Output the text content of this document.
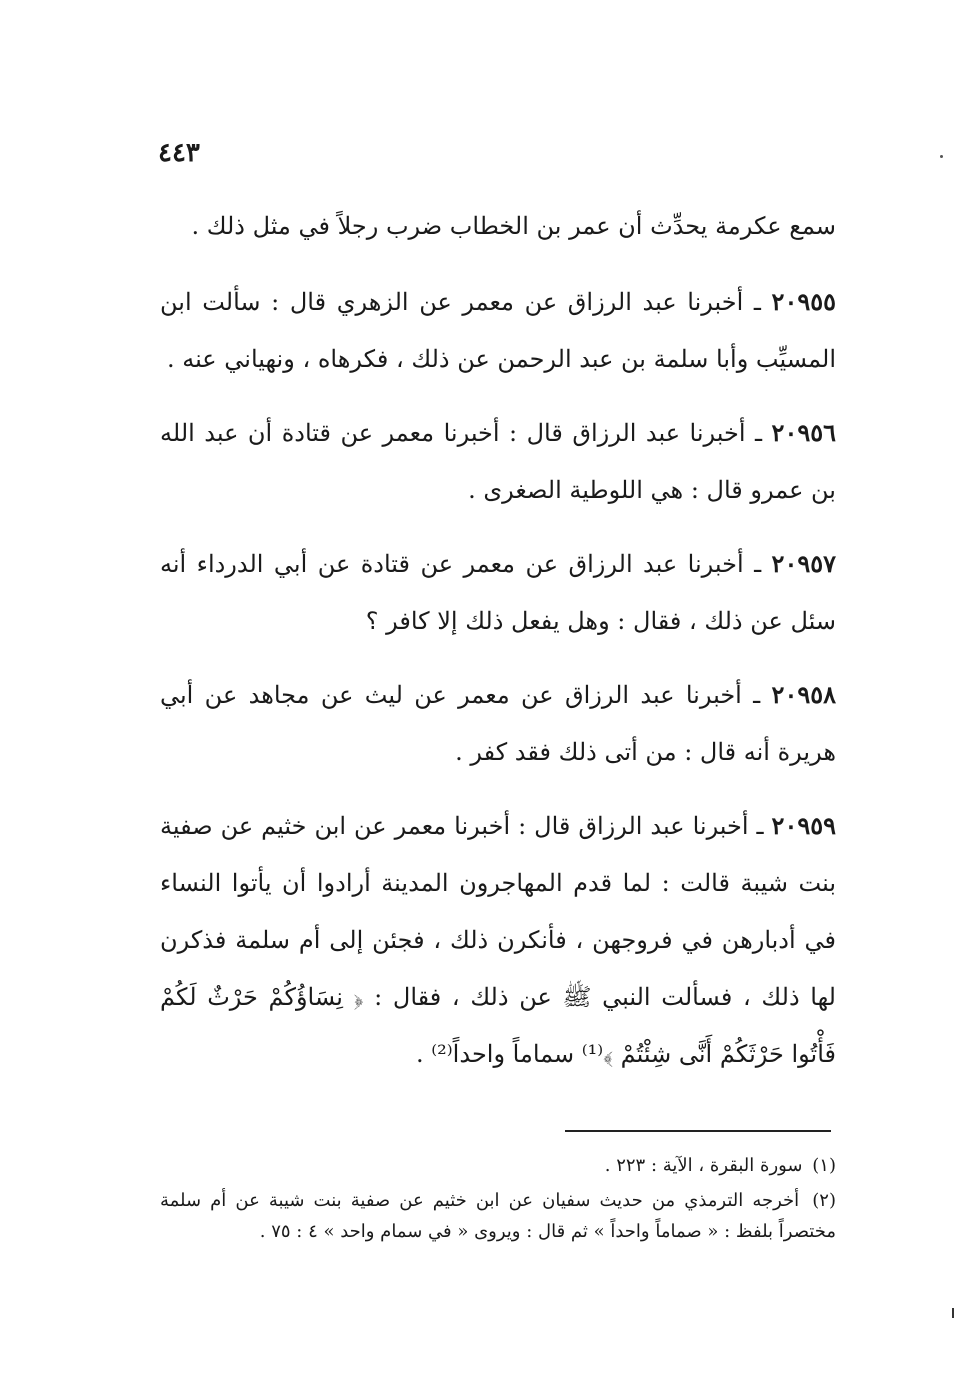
٤٤٣

سمع عكرمة يحدِّث أن عمر بن الخطاب ضرب رجلاً في مثل ذلك .

٢٠٩٥٥ ـ أخبرنا عبد الرزاق عن معمر عن الزهري قال : سألت ابن المسيِّب وأبا سلمة بن عبد الرحمن عن ذلك ، فكرهاه ، ونهياني عنه .

٢٠٩٥٦ ـ أخبرنا عبد الرزاق قال : أخبرنا معمر عن قتادة أن عبد الله بن عمرو قال : هي اللوطية الصغرى .

٢٠٩٥٧ ـ أخبرنا عبد الرزاق عن معمر عن قتادة عن أبي الدرداء أنه سئل عن ذلك ، فقال : وهل يفعل ذلك إلا كافر ؟

٢٠٩٥٨ ـ أخبرنا عبد الرزاق عن معمر عن ليث عن مجاهد عن أبي هريرة أنه قال : من أتى ذلك فقد كفر .

٢٠٩٥٩ ـ أخبرنا عبد الرزاق قال : أخبرنا معمر عن ابن خثيم عن صفية بنت شيبة قالت : لما قدم المهاجرون المدينة أرادوا أن يأتوا النساء في أدبارهن في فروجهن ، فأنكرن ذلك ، فجئن إلى أم سلمة فذكرن لها ذلك ، فسألت النبي ﷺ عن ذلك ، فقال : ﴿ نِسَاؤُكُمْ حَرْثٌ لَكُمْ فَأْتُوا حَرْثَكُمْ أَنَّى شِئْتُمْ ﴾⁽¹⁾ سماماً واحداً⁽²⁾ .

(١) سورة البقرة ، الآية : ٢٢٣ .

(٢) أخرجه الترمذي من حديث سفيان عن ابن خثيم عن صفية بنت شيبة عن أم سلمة مختصراً بلفظ : « صماماً واحداً » ثم قال : ويروى « في سمام واحد » ٤ : ٧٥ .
